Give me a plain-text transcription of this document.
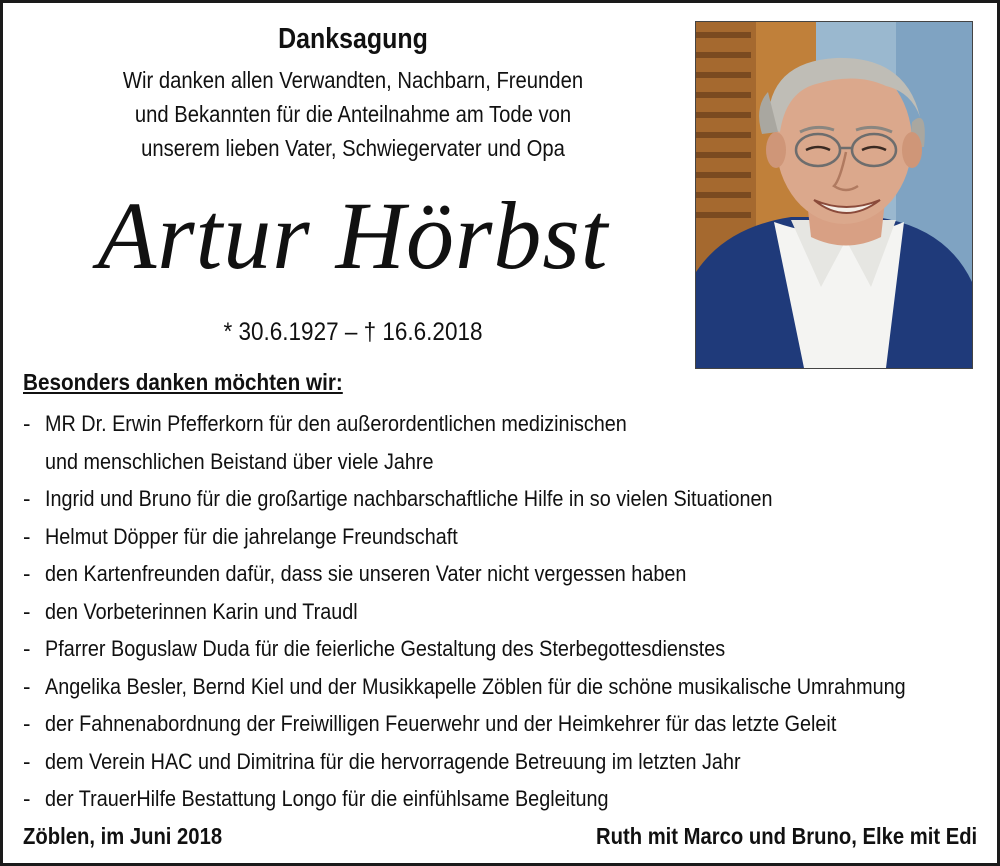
Danksagung
Wir danken allen Verwandten, Nachbarn, Freunden
und Bekannten für die Anteilnahme am Tode von
unserem lieben Vater, Schwiegervater und Opa
Artur Hörbst
* 30.6.1927 – † 16.6.2018
Besonders danken möchten wir:
- MR Dr. Erwin Pfefferkorn für den außerordentlichen medizinischen
und menschlichen Beistand über viele Jahre
- Ingrid und Bruno für die großartige nachbarschaftliche Hilfe in so vielen Situationen
- Helmut Döpper für die jahrelange Freundschaft
- den Kartenfreunden dafür, dass sie unseren Vater nicht vergessen haben
- den Vorbeterinnen Karin und Traudl
- Pfarrer Boguslaw Duda für die feierliche Gestaltung des Sterbegottesdienstes
- Angelika Besler, Bernd Kiel und der Musikkapelle Zöblen für die schöne musikalische Umrahmung
- der Fahnenabordnung der Freiwilligen Feuerwehr und der Heimkehrer für das letzte Geleit
- dem Verein HAC und Dimitrina für die hervorragende Betreuung im letzten Jahr
- der TrauerHilfe Bestattung Longo für die einfühlsame Begleitung
Zöblen, im Juni 2018	Ruth mit Marco und Bruno, Elke mit Edi
